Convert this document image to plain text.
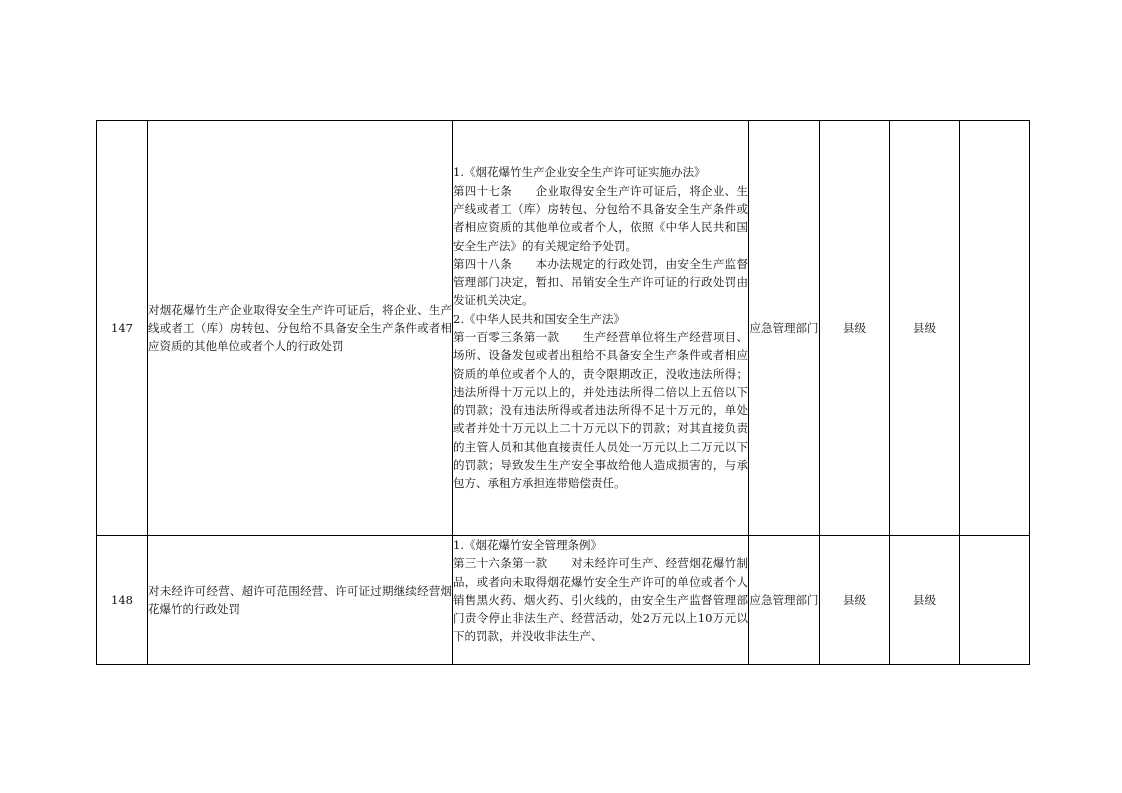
147	对烟花爆竹生产企业取得安全生产许可证后，将企业、生产线或者工（库）房转包、分包给不具备安全生产条件或者相应资质的其他单位或者个人的行政处罚	1.《烟花爆竹生产企业安全生产许可证实施办法》

第四十七条　　企业取得安全生产许可证后，将企业、生产线或者工（库）房转包、分包给不具备安全生产条件或者相应资质的其他单位或者个人，依照《中华人民共和国安全生产法》的有关规定给予处罚。

第四十八条　　本办法规定的行政处罚，由安全生产监督管理部门决定，暂扣、吊销安全生产许可证的行政处罚由发证机关决定。

2.《中华人民共和国安全生产法》

第一百零三条第一款　　生产经营单位将生产经营项目、场所、设备发包或者出租给不具备安全生产条件或者相应资质的单位或者个人的，责令限期改正，没收违法所得；违法所得十万元以上的，并处违法所得二倍以上五倍以下的罚款；没有违法所得或者违法所得不足十万元的，单处或者并处十万元以上二十万元以下的罚款；对其直接负责的主管人员和其他直接责任人员处一万元以上二万元以下的罚款；导致发生生产安全事故给他人造成损害的，与承包方、承租方承担连带赔偿责任。	应急管理部门	县级	县级	
148	对未经许可经营、超许可范围经营、许可证过期继续经营烟花爆竹的行政处罚	1.《烟花爆竹安全管理条例》

第三十六条第一款　　对未经许可生产、经营烟花爆竹制品，或者向未取得烟花爆竹安全生产许可的单位或者个人销售黑火药、烟火药、引火线的，由安全生产监督管理部门责令停止非法生产、经营活动，处2万元以上10万元以下的罚款，并没收非法生产、	应急管理部门	县级	县级	
